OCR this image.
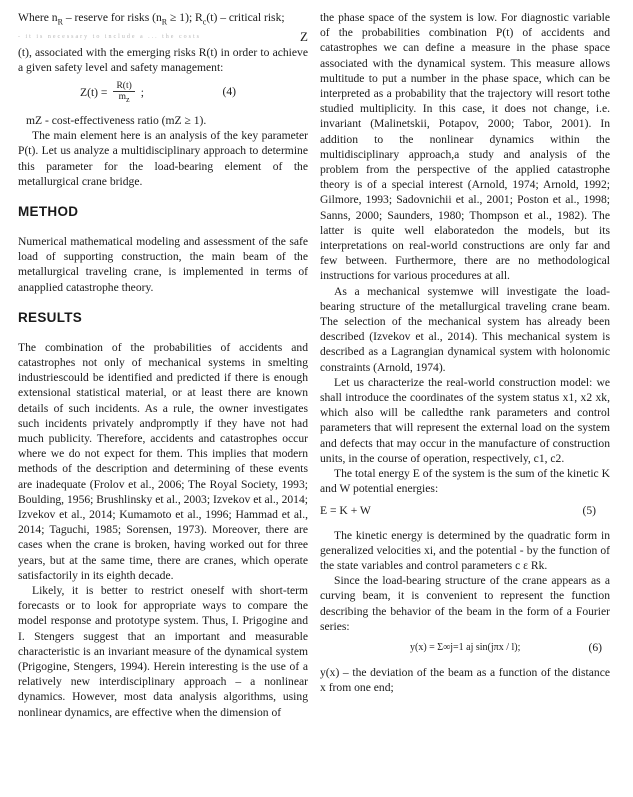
Where $n_R$ – reserve for risks $(n_R \ge 1)$; $R_c(t)$ – critical risk;

- it is necessary to include a ... the costs	Z

(t), associated with the emerging risks R(t) in order to achieve a given safety level and safety management:

$Z(t) = \frac{R(t)}{m_z}$ ;	(4)

mZ - cost-effectiveness ratio (mZ ≥ 1).

The main element here is an analysis of the key parameter P(t). Let us analyze a multidisciplinary approach to determine this parameter for the load-bearing element of the metallurgical crane bridge.

METHOD

Numerical mathematical modeling and assessment of the safe load of supporting construction, the main beam of the metallurgical traveling crane, is implemented in terms of anapplied catastrophe theory.

RESULTS

The combination of the probabilities of accidents and catastrophes not only of mechanical systems in smelting industriescould be identified and predicted if there is enough extensional statistical material, or at least there are known details of such incidents. As a rule, the owner investigates such incidents privately andpromptly if they have not had much publicity. Therefore, accidents and catastrophes occur where we do not expect for them. This implies that modern methods of the description and determining of these events are inadequate (Frolov et al., 2006; The Royal Society, 1993; Boulding, 1956; Brushlinsky et al., 2003; Izvekov et al., 2014; Izvekov et al., 2014; Kumamoto et al., 1996; Hammad et al., 2014; Taguchi, 1985; Sorensen, 1973). Moreover, there are cases when the crane is broken, having worked out for three years, but at the same time, there are cranes, which operate satisfactorily in its eighth decade.

Likely, it is better to restrict oneself with short-term forecasts or to look for appropriate ways to compare the model response and prototype system. Thus, I. Prigogine and I. Stengers suggest that an important and measurable characteristic is an invariant measure of the dynamical system (Prigogine, Stengers, 1994). Herein interesting is the use of a relatively new interdisciplinary approach – a nonlinear dynamics. However, most data analysis algorithms, using nonlinear dynamics, are effective when the dimension of

the phase space of the system is low. For diagnostic variable of the probabilities combination P(t) of accidents and catastrophes we can define a measure in the phase space associated with the dynamical system. This measure allows multitude to put a number in the phase space, which can be interpreted as a probability that the trajectory will resort tothe studied multiplicity. In this case, it does not change, i.e. invariant (Malinetskii, Potapov, 2000; Tabor, 2001). In addition to the nonlinear dynamics within the multidisciplinary approach,a study and analysis of the problem from the perspective of the applied catastrophe theory is of a special interest (Arnold, 1974; Arnold, 1992; Gilmore, 1993; Sadovnichii et al., 2001; Poston et al., 1998; Sanns, 2000; Saunders, 1980; Thompson et al., 1982). The latter is quite well elaboratedon the models, but its interpretations on real-world constructions are only far and few between. Furthermore, there are no methodological instructions for various procedures at all.

As a mechanical systemwe will investigate the load-bearing structure of the metallurgical traveling crane beam. The selection of the mechanical system has already been described (Izvekov et al., 2014). This mechanical system is described as a Lagrangian dynamical system with holonomic constraints (Arnold, 1974).

Let us characterize the real-world construction model: we shall introduce the coordinates of the system status x1, x2 xk, which also will be calledthe rank parameters and control parameters that will represent the external load on the system and defects that may occur in the manufacture of construction units, in the course of operation, respectively, c1, c2.

The total energy E of the system is the sum of the kinetic K and W potential energies:

E = K + W	(5)

The kinetic energy is determined by the quadratic form in generalized velocities xi, and the potential - by the function of the state variables and control parameters c ε Rk.

Since the load-bearing structure of the crane appears as a curving beam, it is convenient to represent the function describing the behavior of the beam in the form of a Fourier series:

y(x) = Σ∞j=1 aj sin(jπx / l);	(6)

y(x) – the deviation of the beam as a function of the distance x from one end;
